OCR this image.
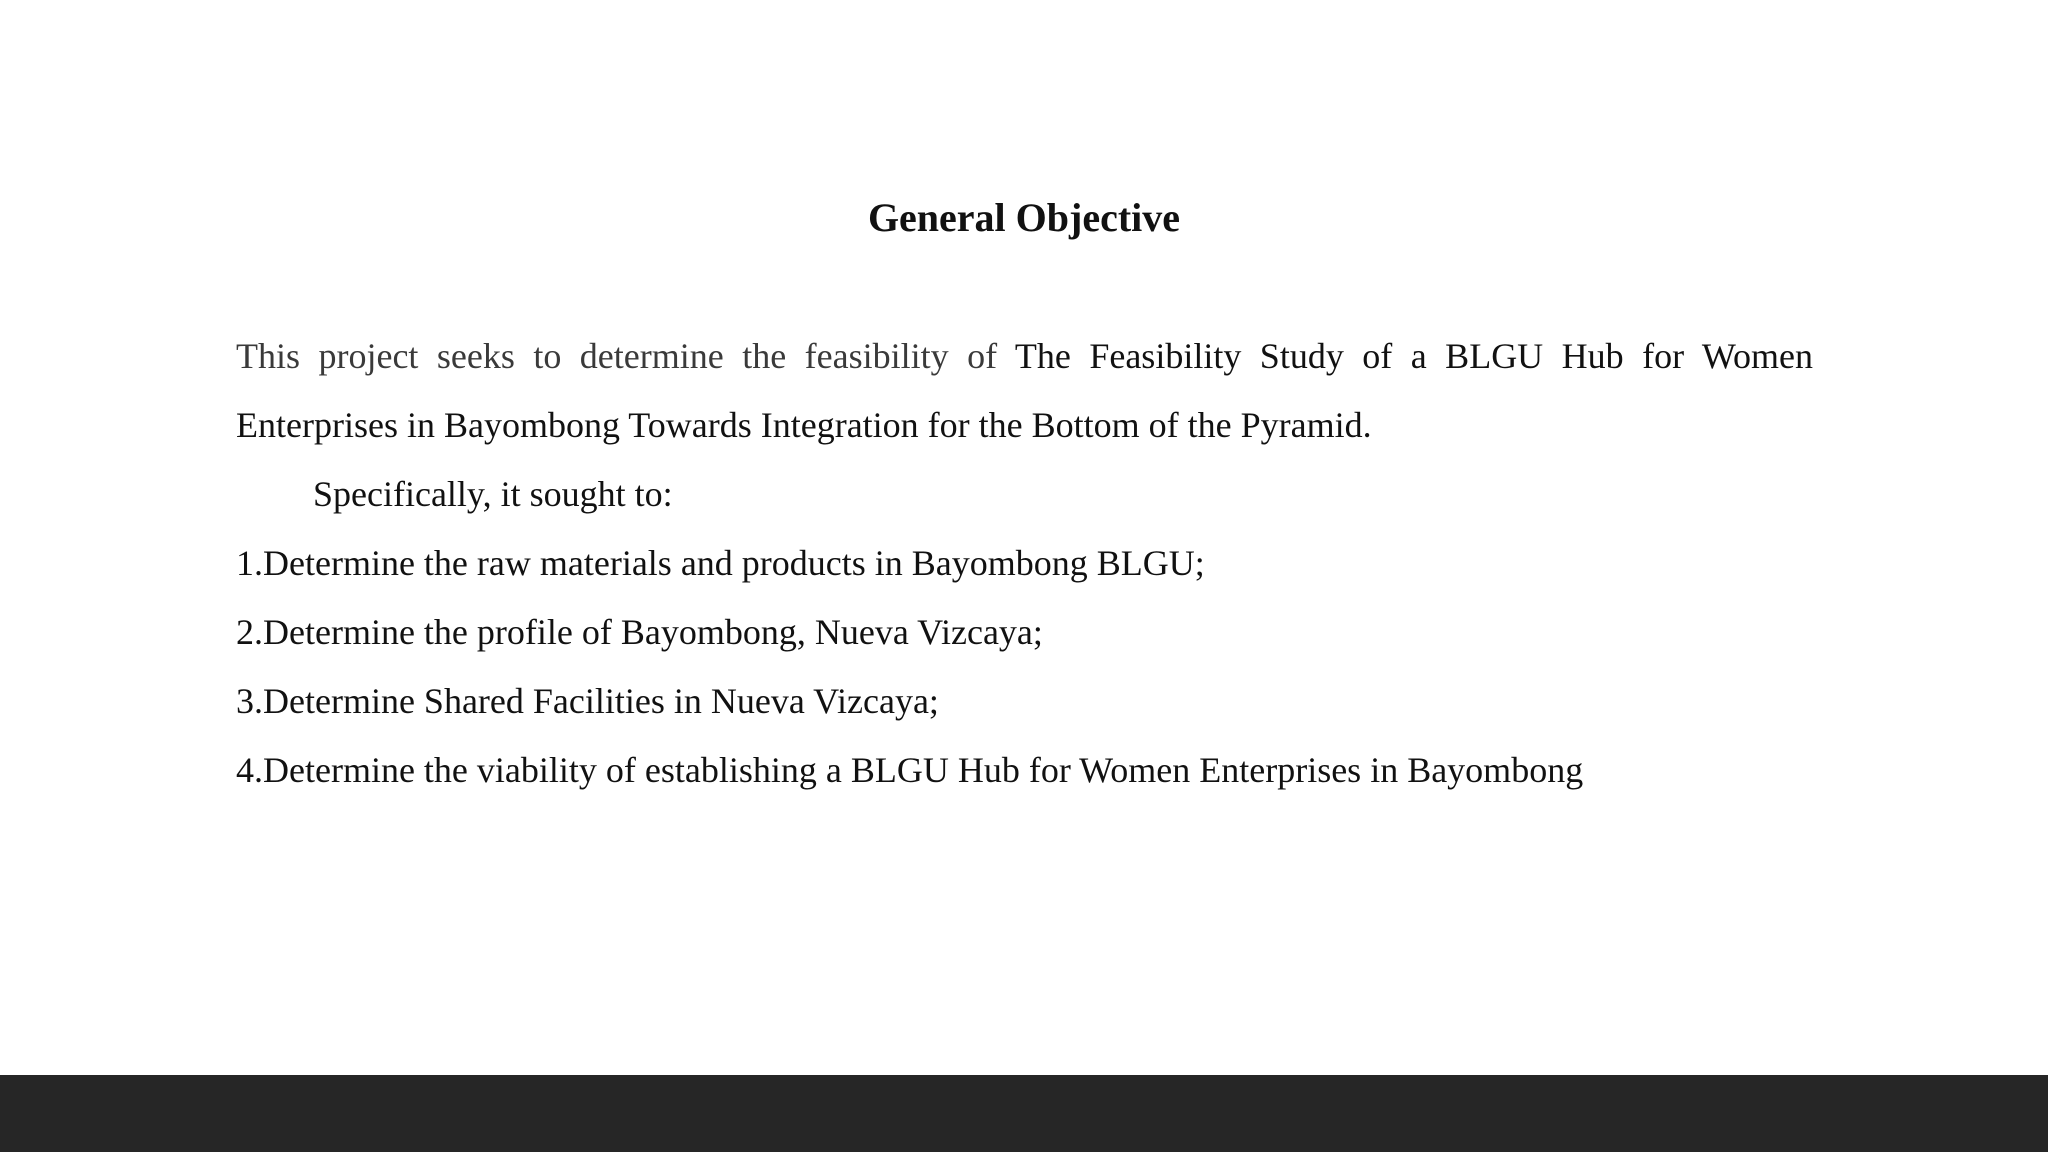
General Objective

This project seeks to determine the feasibility of The Feasibility Study of a BLGU Hub for Women Enterprises in Bayombong Towards Integration for the Bottom of the Pyramid.

Specifically, it sought to:

1.Determine the raw materials and products in Bayombong BLGU;
2.Determine the profile of Bayombong, Nueva Vizcaya;
3.Determine Shared Facilities in Nueva Vizcaya;
4.Determine the viability of establishing a BLGU Hub for Women Enterprises in Bayombong
